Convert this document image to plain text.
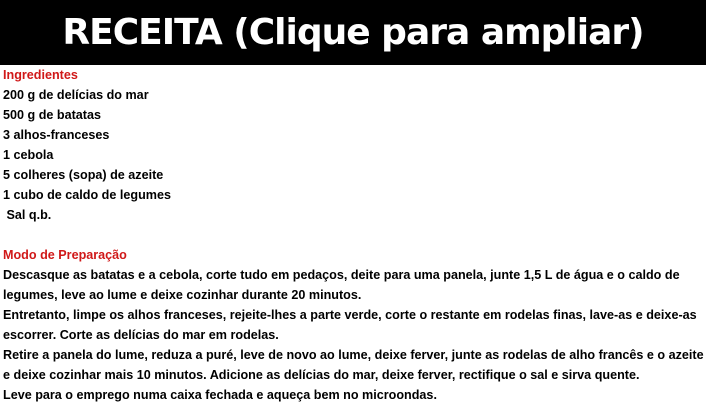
RECEITA (Clique para ampliar)
Ingredientes
200 g de delícias do mar
500 g de batatas
3 alhos-franceses
1 cebola
5 colheres (sopa) de azeite
1 cubo de caldo de legumes
Sal q.b.
Modo de Preparação

Descasque as batatas e a cebola, corte tudo em pedaços, deite para uma panela, junte 1,5 L de água e o caldo de legumes, leve ao lume e deixe cozinhar durante 20 minutos.

Entretanto, limpe os alhos franceses, rejeite-lhes a parte verde, corte o restante em rodelas finas, lave-as e deixe-as escorrer. Corte as delícias do mar em rodelas.

Retire a panela do lume, reduza a puré, leve de novo ao lume, deixe ferver, junte as rodelas de alho francês e o azeite e deixe cozinhar mais 10 minutos. Adicione as delícias do mar, deixe ferver, rectifique o sal e sirva quente.

Leve para o emprego numa caixa fechada e aqueça bem no microondas.
